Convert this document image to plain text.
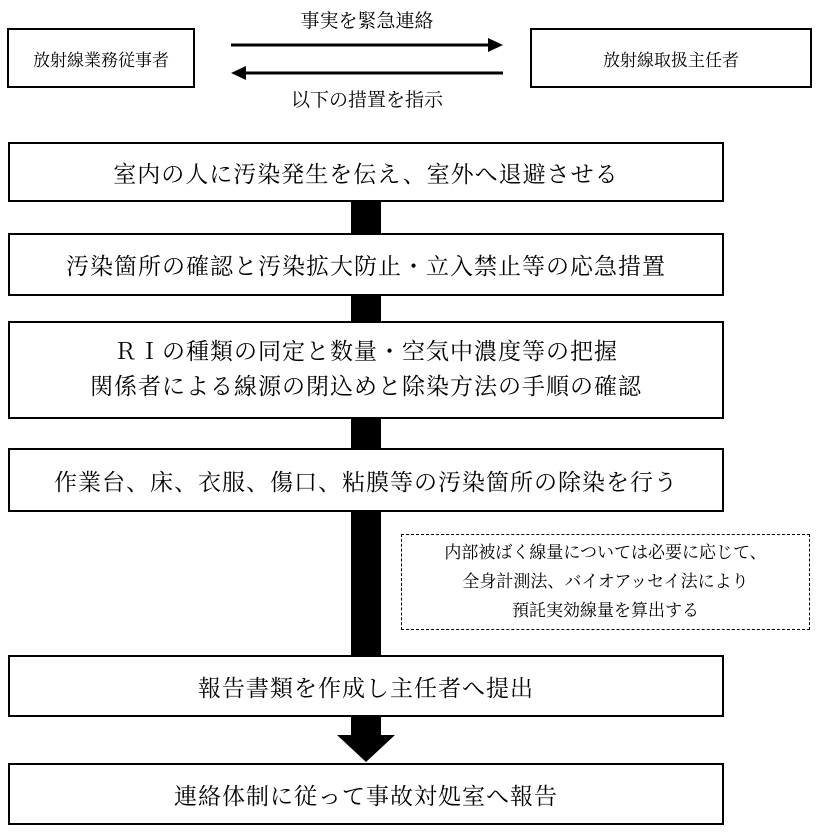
放射線業務従事者	放射線取扱主任者
事実を緊急連絡
以下の措置を指示
室内の人に汚染発生を伝え、室外へ退避させる
汚染箇所の確認と汚染拡大防止・立入禁止等の応急措置
ＲＩの種類の同定と数量・空気中濃度等の把握
関係者による線源の閉込めと除染方法の手順の確認
作業台、床、衣服、傷口、粘膜等の汚染箇所の除染を行う
内部被ばく線量については必要に応じて、
全身計測法、バイオアッセイ法により
預託実効線量を算出する
報告書類を作成し主任者へ提出
連絡体制に従って事故対処室へ報告
